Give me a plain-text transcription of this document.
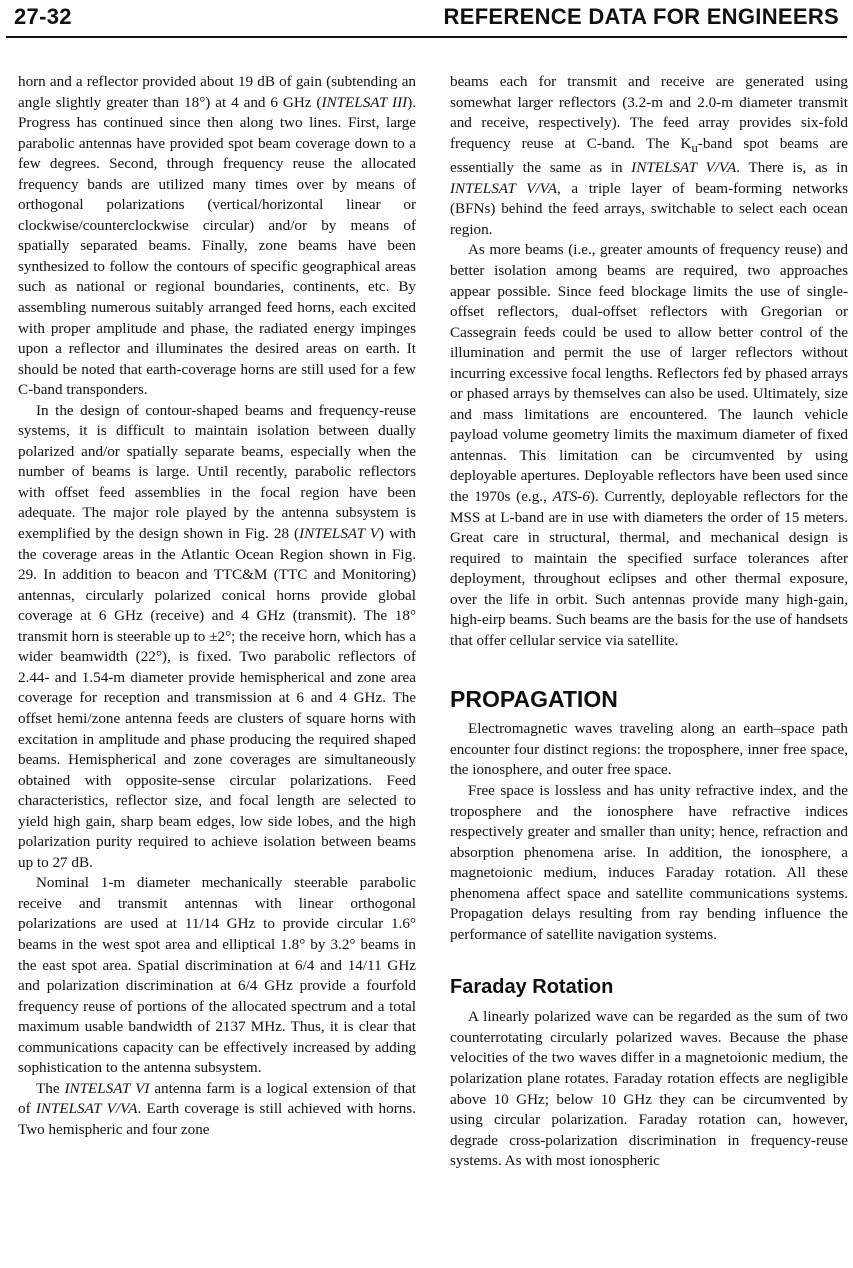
27-32	REFERENCE DATA FOR ENGINEERS

horn and a reflector provided about 19 dB of gain (subtending an angle slightly greater than 18°) at 4 and 6 GHz (INTELSAT III). Progress has continued since then along two lines. First, large parabolic antennas have provided spot beam coverage down to a few degrees. Second, through frequency reuse the allocated frequency bands are utilized many times over by means of orthogonal polarizations (vertical/horizontal linear or clockwise/counterclockwise circular) and/or by means of spatially separated beams. Finally, zone beams have been synthesized to follow the contours of specific geographical areas such as national or regional boundaries, continents, etc. By assembling numerous suitably arranged feed horns, each excited with proper amplitude and phase, the radiated energy impinges upon a reflector and illuminates the desired areas on earth. It should be noted that earth-coverage horns are still used for a few C-band transponders.

In the design of contour-shaped beams and frequency-reuse systems, it is difficult to maintain isolation between dually polarized and/or spatially separate beams, especially when the number of beams is large. Until recently, parabolic reflectors with offset feed assemblies in the focal region have been adequate. The major role played by the antenna subsystem is exemplified by the design shown in Fig. 28 (INTELSAT V) with the coverage areas in the Atlantic Ocean Region shown in Fig. 29. In addition to beacon and TTC&M (TTC and Monitoring) antennas, circularly polarized conical horns provide global coverage at 6 GHz (receive) and 4 GHz (transmit). The 18° transmit horn is steerable up to ±2°; the receive horn, which has a wider beamwidth (22°), is fixed. Two parabolic reflectors of 2.44- and 1.54-m diameter provide hemispherical and zone area coverage for reception and transmission at 6 and 4 GHz. The offset hemi/zone antenna feeds are clusters of square horns with excitation in amplitude and phase producing the required shaped beams. Hemispherical and zone coverages are simultaneously obtained with opposite-sense circular polarizations. Feed characteristics, reflector size, and focal length are selected to yield high gain, sharp beam edges, low side lobes, and the high polarization purity required to achieve isolation between beams up to 27 dB.

Nominal 1-m diameter mechanically steerable parabolic receive and transmit antennas with linear orthogonal polarizations are used at 11/14 GHz to provide circular 1.6° beams in the west spot area and elliptical 1.8° by 3.2° beams in the east spot area. Spatial discrimination at 6/4 and 14/11 GHz and polarization discrimination at 6/4 GHz provide a fourfold frequency reuse of portions of the allocated spectrum and a total maximum usable bandwidth of 2137 MHz. Thus, it is clear that communications capacity can be effectively increased by adding sophistication to the antenna subsystem.

The INTELSAT VI antenna farm is a logical extension of that of INTELSAT V/VA. Earth coverage is still achieved with horns. Two hemispheric and four zone

beams each for transmit and receive are generated using somewhat larger reflectors (3.2-m and 2.0-m diameter transmit and receive, respectively). The feed array provides six-fold frequency reuse at C-band. The $K_u$-band spot beams are essentially the same as in INTELSAT V/VA. There is, as in INTELSAT V/VA, a triple layer of beam-forming networks (BFNs) behind the feed arrays, switchable to select each ocean region.

As more beams (i.e., greater amounts of frequency reuse) and better isolation among beams are required, two approaches appear possible. Since feed blockage limits the use of single-offset reflectors, dual-offset reflectors with Gregorian or Cassegrain feeds could be used to allow better control of the illumination and permit the use of larger reflectors without incurring excessive focal lengths. Reflectors fed by phased arrays or phased arrays by themselves can also be used. Ultimately, size and mass limitations are encountered. The launch vehicle payload volume geometry limits the maximum diameter of fixed antennas. This limitation can be circumvented by using deployable apertures. Deployable reflectors have been used since the 1970s (e.g., ATS-6). Currently, deployable reflectors for the MSS at L-band are in use with diameters the order of 15 meters. Great care in structural, thermal, and mechanical design is required to maintain the specified surface tolerances after deployment, throughout eclipses and other thermal exposure, over the life in orbit. Such antennas provide many high-gain, high-eirp beams. Such beams are the basis for the use of handsets that offer cellular service via satellite.

PROPAGATION

Electromagnetic waves traveling along an earth–space path encounter four distinct regions: the troposphere, inner free space, the ionosphere, and outer free space.

Free space is lossless and has unity refractive index, and the troposphere and the ionosphere have refractive indices respectively greater and smaller than unity; hence, refraction and absorption phenomena arise. In addition, the ionosphere, a magnetoionic medium, induces Faraday rotation. All these phenomena affect space and satellite communications systems. Propagation delays resulting from ray bending influence the performance of satellite navigation systems.

Faraday Rotation

A linearly polarized wave can be regarded as the sum of two counterrotating circularly polarized waves. Because the phase velocities of the two waves differ in a magnetoionic medium, the polarization plane rotates. Faraday rotation effects are negligible above 10 GHz; below 10 GHz they can be circumvented by using circular polarization. Faraday rotation can, however, degrade cross-polarization discrimination in frequency-reuse systems. As with most ionospheric
